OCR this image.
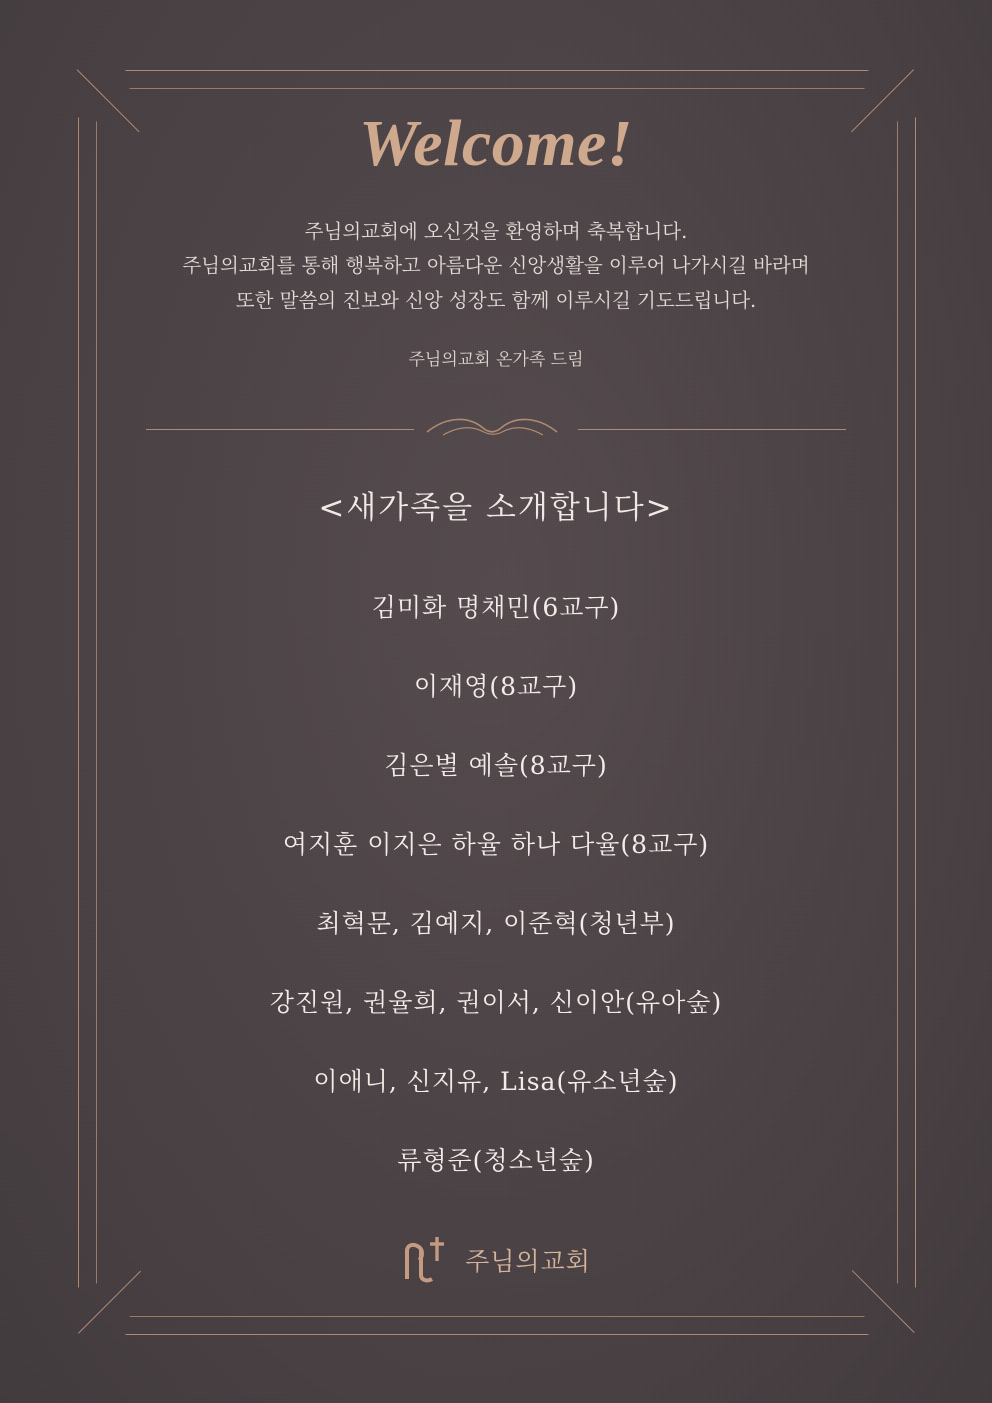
Welcome!
주님의교회에 오신것을 환영하며 축복합니다.
주님의교회를 통해 행복하고 아름다운 신앙생활을 이루어 나가시길 바라며
또한 말씀의 진보와 신앙 성장도 함께 이루시길 기도드립니다.

주님의교회 온가족 드림

<새가족을 소개합니다>
김미화 명채민(6교구)
이재영(8교구)
김은별 예솔(8교구)
여지훈 이지은 하율 하나 다율(8교구)
최혁문, 김예지, 이준혁(청년부)
강진원, 권율희, 권이서, 신이안(유아숲)
이애니, 신지유, Lisa(유소년숲)
류형준(청소년숲)
주님의교회
